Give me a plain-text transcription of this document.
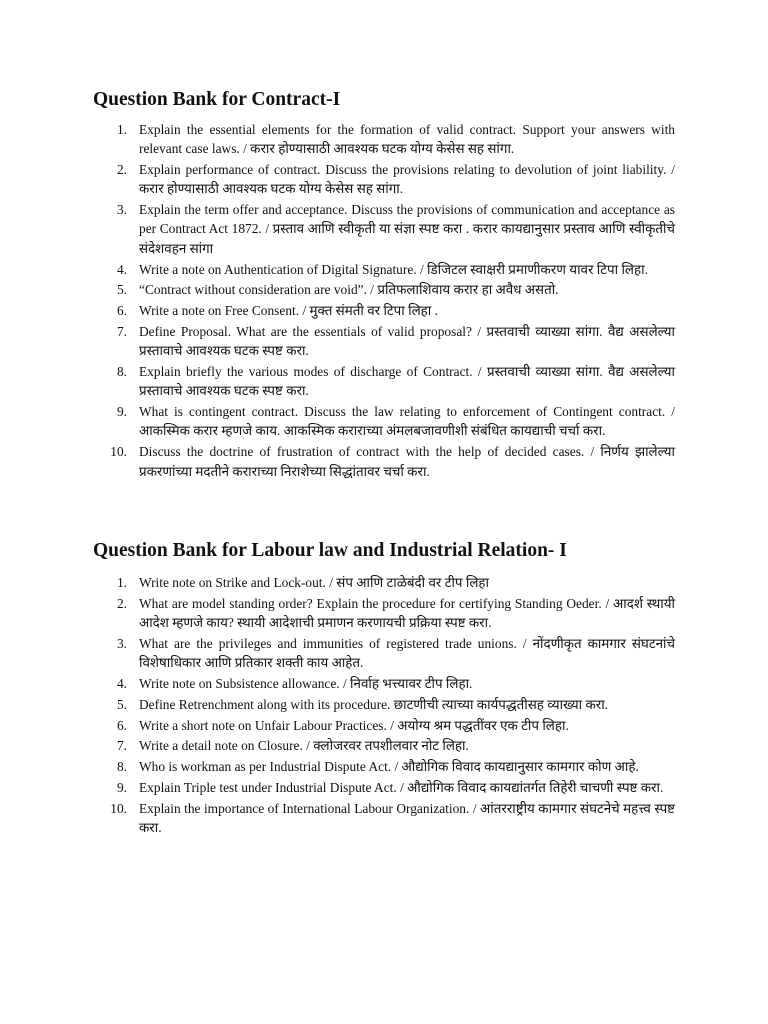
Question Bank for Contract-I
1. Explain the essential elements for the formation of valid contract. Support your answers with relevant case laws. / करार होण्यासाठी आवश्यक घटक योग्य केसेस सह सांगा.
2. Explain performance of contract. Discuss the provisions relating to devolution of joint liability. / करार होण्यासाठी आवश्यक घटक योग्य केसेस सह सांगा.
3. Explain the term offer and acceptance. Discuss the provisions of communication and acceptance as per Contract Act 1872. / प्रस्ताव आणि स्वीकृती या संज्ञा स्पष्ट करा . करार कायद्यानुसार प्रस्ताव आणि स्वीकृतीचे संदेशवहन सांगा
4. Write a note on Authentication of Digital Signature. / डिजिटल स्वाक्षरी प्रमाणीकरण यावर टिपा लिहा.
5. “Contract without consideration are void”. / प्रतिफलाशिवाय करार हा अवैध असतो.
6. Write a note on Free Consent. / मुक्त संमती वर टिपा लिहा .
7. Define Proposal. What are the essentials of valid proposal? / प्रस्तवाची व्याख्या सांगा. वैद्य असलेल्या प्रस्तावाचे आवश्यक घटक स्पष्ट करा.
8. Explain briefly the various modes of discharge of Contract. / प्रस्तवाची व्याख्या सांगा. वैद्य असलेल्या प्रस्तावाचे आवश्यक घटक स्पष्ट करा.
9. What is contingent contract. Discuss the law relating to enforcement of Contingent contract. / आकस्मिक करार म्हणजे काय. आकस्मिक कराराच्या अंमलबजावणीशी संबंधित कायद्याची चर्चा करा.
10. Discuss the doctrine of frustration of contract with the help of decided cases. / निर्णय झालेल्या प्रकरणांच्या मदतीने कराराच्या निराशेच्या सिद्धांतावर चर्चा करा.
Question Bank for Labour law and Industrial Relation- I
1. Write note on Strike and Lock-out. / संप आणि टाळेबंदी वर टीप लिहा
2. What are model standing order? Explain the procedure for certifying Standing Oeder. / आदर्श स्थायी आदेश म्हणजे काय? स्थायी आदेशाची प्रमाणन करणायची प्रक्रिया स्पष्ट करा.
3. What are the privileges and immunities of registered trade unions. / नोंदणीकृत कामगार संघटनांचे विशेषाधिकार आणि प्रतिकार शक्ती काय आहेत.
4. Write note on Subsistence allowance. / निर्वाह भत्त्यावर टीप लिहा.
5. Define Retrenchment along with its procedure. छाटणीची त्याच्या कार्यपद्धतीसह व्याख्या करा.
6. Write a short note on Unfair Labour Practices. / अयोग्य श्रम पद्धतींवर एक टीप लिहा.
7. Write a detail note on Closure. / क्लोजरवर तपशीलवार नोट लिहा.
8. Who is workman as per Industrial Dispute Act. / औद्योगिक विवाद कायद्यानुसार कामगार कोण आहे.
9. Explain Triple test under Industrial Dispute Act. / औद्योगिक विवाद कायद्यांतर्गत तिहेरी चाचणी स्पष्ट करा.
10. Explain the importance of International Labour Organization. / आंतरराष्ट्रीय कामगार संघटनेचे महत्त्व स्पष्ट करा.
